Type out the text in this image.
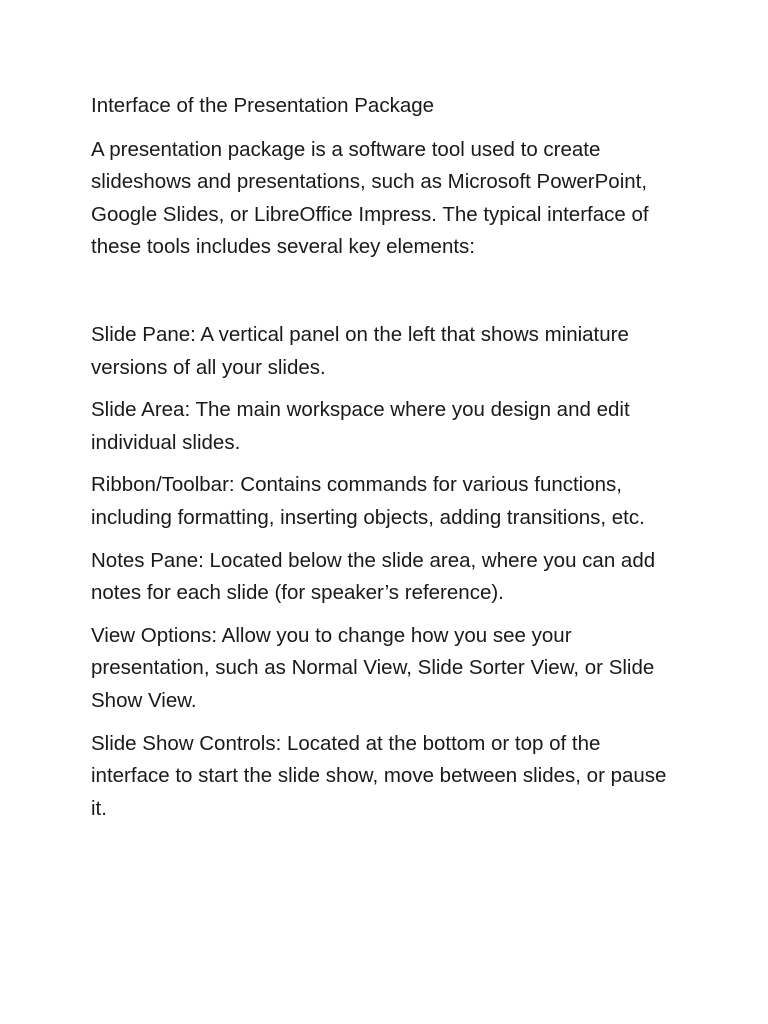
Interface of the Presentation Package

A presentation package is a software tool used to create slideshows and presentations, such as Microsoft PowerPoint, Google Slides, or LibreOffice Impress. The typical interface of these tools includes several key elements:

Slide Pane: A vertical panel on the left that shows miniature versions of all your slides.

Slide Area: The main workspace where you design and edit individual slides.

Ribbon/Toolbar: Contains commands for various functions, including formatting, inserting objects, adding transitions, etc.

Notes Pane: Located below the slide area, where you can add notes for each slide (for speaker’s reference).

View Options: Allow you to change how you see your presentation, such as Normal View, Slide Sorter View, or Slide Show View.

Slide Show Controls: Located at the bottom or top of the interface to start the slide show, move between slides, or pause it.
